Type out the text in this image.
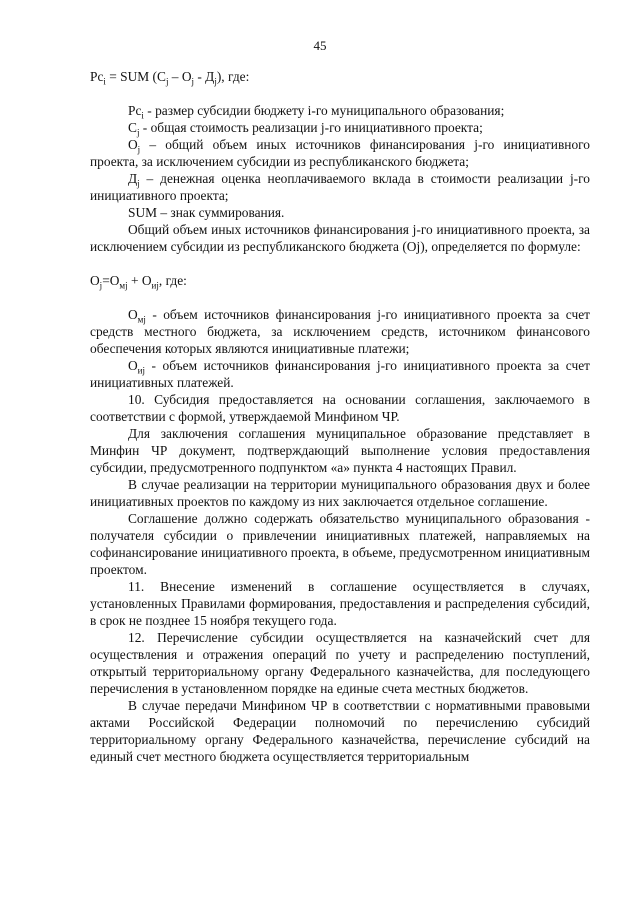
45

$Рс_i$ = SUM $(С_j - О_j - Д_j)$, где:

$Рс_i$ - размер субсидии бюджету i-го муниципального образования;

$С_j$ - общая стоимость реализации j-го инициативного проекта;

$О_j$ – общий объем иных источников финансирования j-го инициативного проекта, за исключением субсидии из республиканского бюджета;

$Д_j$ – денежная оценка неоплачиваемого вклада в стоимости реализации j-го инициативного проекта;

SUM – знак суммирования.

Общий объем иных источников финансирования j-го инициативного проекта, за исключением субсидии из республиканского бюджета (Оj), определяется по формуле:

$О_j=О_{мj} + О_{иj}$, где:

$О_{мj}$ - объем источников финансирования j-го инициативного проекта за счет средств местного бюджета, за исключением средств, источником финансового обеспечения которых являются инициативные платежи;

$О_{иj}$ - объем источников финансирования j-го инициативного проекта за счет инициативных платежей.

10. Субсидия предоставляется на основании соглашения, заключаемого в соответствии с формой, утверждаемой Минфином ЧР.

Для заключения соглашения муниципальное образование представляет в Минфин ЧР документ, подтверждающий выполнение условия предоставления субсидии, предусмотренного подпунктом «а» пункта 4 настоящих Правил.

В случае реализации на территории муниципального образования двух и более инициативных проектов по каждому из них заключается отдельное соглашение.

Соглашение должно содержать обязательство муниципального образования - получателя субсидии о привлечении инициативных платежей, направляемых на софинансирование инициативного проекта, в объеме, предусмотренном инициативным проектом.

11. Внесение изменений в соглашение осуществляется в случаях, установленных Правилами формирования, предоставления и распределения субсидий, в срок не позднее 15 ноября текущего года.

12. Перечисление субсидии осуществляется на казначейский счет для осуществления и отражения операций по учету и распределению поступлений, открытый территориальному органу Федерального казначейства, для последующего перечисления в установленном порядке на единые счета местных бюджетов.

В случае передачи Минфином ЧР в соответствии с нормативными правовыми актами Российской Федерации полномочий по перечислению субсидий территориальному органу Федерального казначейства, перечисление субсидий на единый счет местного бюджета осуществляется территориальным
